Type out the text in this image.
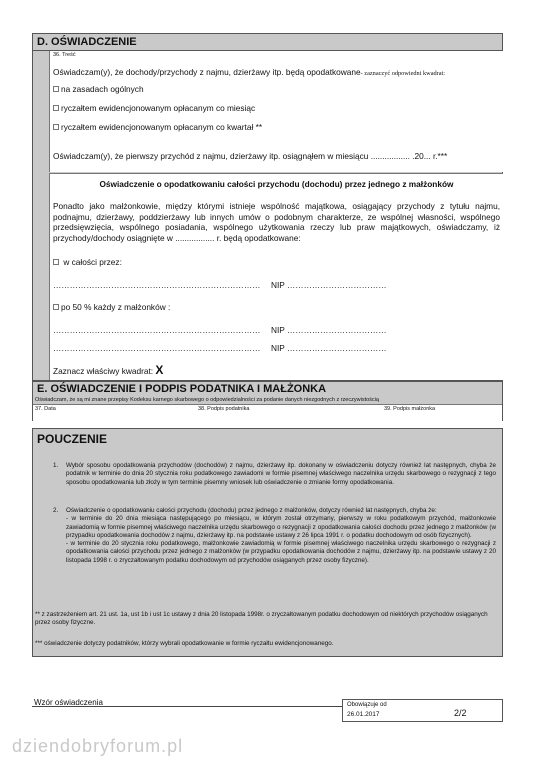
D. OŚWIADCZENIE
36. Treść
Oświadczam(y), że dochody/przychody z najmu, dzierżawy itp. będą opodatkowane- zaznaczyć odpowiedni kwadrat:
na zasadach ogólnych
ryczałtem ewidencjonowanym opłacanym co miesiąc
ryczałtem ewidencjonowanym opłacanym co kwartał **
Oświadczam(y), że pierwszy przychód z najmu, dzierżawy itp. osiągnąłem w miesiącu ................. .20... r.***
Oświadczenie o opodatkowaniu całości przychodu (dochodu) przez jednego z małżonków
Ponadto jako małżonkowie, między którymi istnieje wspólność majątkowa, osiągający przychody z tytułu najmu, podnajmu, dzierżawy, poddzierżawy lub innych umów o podobnym charakterze, ze wspólnej własności, wspólnego przedsięwzięcia, wspólnego posiadania, wspólnego użytkowania rzeczy lub praw majątkowych, oświadczamy, iż przychody/dochody osiągnięte w ................. r. będą opodatkowane:
w całości przez:
………………………………………………………………… NIP ………………………………
po 50 % każdy z małżonków :
………………………………………………………………… NIP ………………………………
………………………………………………………………… NIP ………………………………
Zaznacz właściwy kwadrat: X
E. OŚWIADCZENIE I PODPIS PODATNIKA I MAŁŻONKA
Oświadczam, że są mi znane przepisy Kodeksu karnego skarbowego o odpowiedzialności za podanie danych niezgodnych z rzeczywistością
37. Data	38. Podpis podatnika	39. Podpis małżonka
POUCZENIE
1. Wybór sposobu opodatkowania przychodów (dochodów) z najmu, dzierżawy itp. dokonany w oświadczeniu dotyczy również lat następnych, chyba że podatnik w terminie do dnia 20 stycznia roku podatkowego zawiadomi w formie pisemnej właściwego naczelnika urzędu skarbowego o rezygnacji z tego sposobu opodatkowania lub złoży w tym terminie pisemny wniosek lub oświadczenie o zmianie formy opodatkowania.
2. Oświadczenie o opodatkowaniu całości przychodu (dochodu) przez jednego z małżonków, dotyczy również lat następnych, chyba że:

- w terminie do 20 dnia miesiąca następującego po miesiącu, w którym został otrzymany, pierwszy w roku podatkowym przychód, małżonkowie zawiadomią w formie pisemnej właściwego naczelnika urzędu skarbowego o rezygnacji z opodatkowania całości dochodu przez jednego z małżonków (w przypadku opodatkowania dochodów z najmu, dzierżawy itp. na podstawie ustawy z 26 lipca 1991 r. o podatku dochodowym od osób fizycznych).

- w terminie do 20 stycznia roku podatkowego, małżonkowie zawiadomią w formie pisemnej właściwego naczelnika urzędu skarbowego o rezygnacji z opodatkowania całości przychodu przez jednego z małżonków (w przypadku opodatkowania dochodów z najmu, dzierżawy itp. na podstawie ustawy z 20 listopada 1998 r. o zryczałtowanym podatku dochodowym od przychodów osiąganych przez osoby fizyczne).

** z zastrzeżeniem art. 21 ust. 1a, ust 1b i ust 1c ustawy z dnia 20 listopada 1998r. o zryczałtowanym podatku dochodowym od niektórych przychodów osiąganych przez osoby fizyczne.
*** oświadczenie dotyczy podatników, którzy wybrali opodatkowanie w formie ryczałtu ewidencjonowanego.
Wzór oświadczenia	Obowiązuje od
26.01.2017	2/2
dziendobryforum.pl
